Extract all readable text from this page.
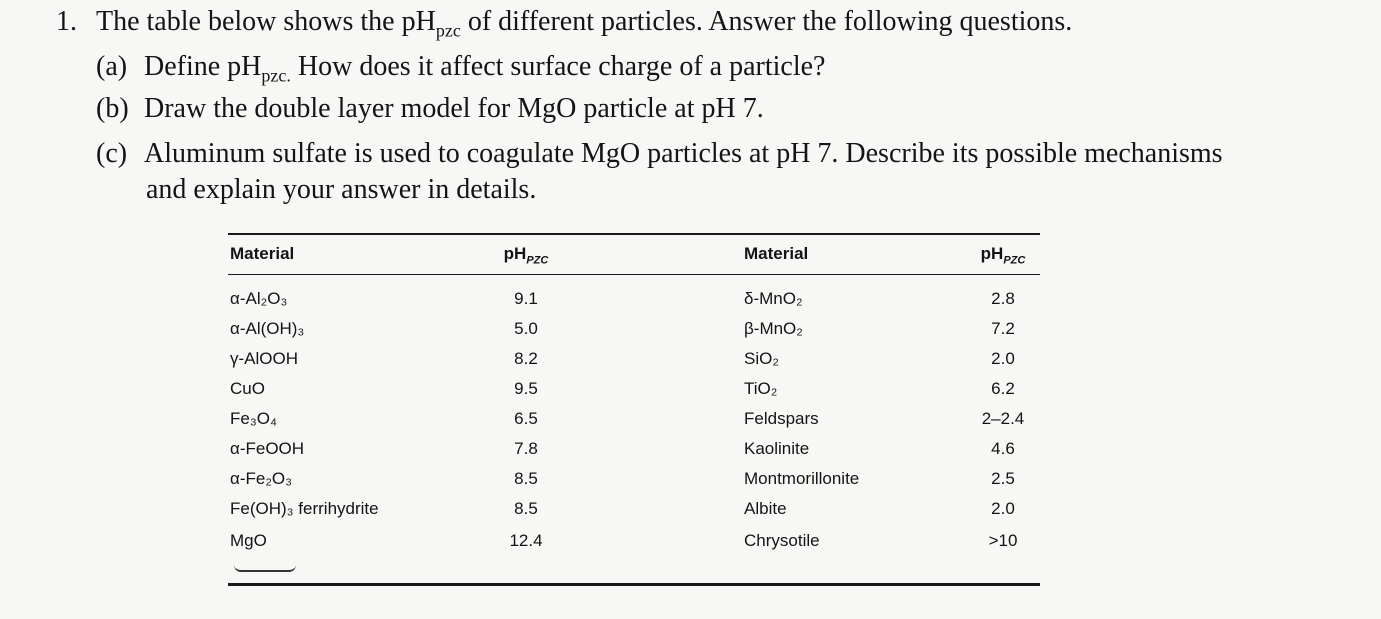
1. The table below shows the $pH_{pzc}$ of different particles. Answer the following questions.
(a) Define $pH_{pzc.}$ How does it affect surface charge of a particle?
(b) Draw the double layer model for MgO particle at pH 7.
(c) Aluminum sulfate is used to coagulate MgO particles at pH 7. Describe its possible mechanisms
and explain your answer in details.
Material	$pH_{PZC}$	Material	$pH_{PZC}$
α-Al₂O₃	9.1	δ-MnO₂	2.8
α-Al(OH)₃	5.0	β-MnO₂	7.2
γ-AlOOH	8.2	SiO₂	2.0
CuO	9.5	TiO₂	6.2
Fe₃O₄	6.5	Feldspars	2–2.4
α-FeOOH	7.8	Kaolinite	4.6
α-Fe₂O₃	8.5	Montmorillonite	2.5
Fe(OH)₃ ferrihydrite	8.5	Albite	2.0
MgO	12.4	Chrysotile	>10
